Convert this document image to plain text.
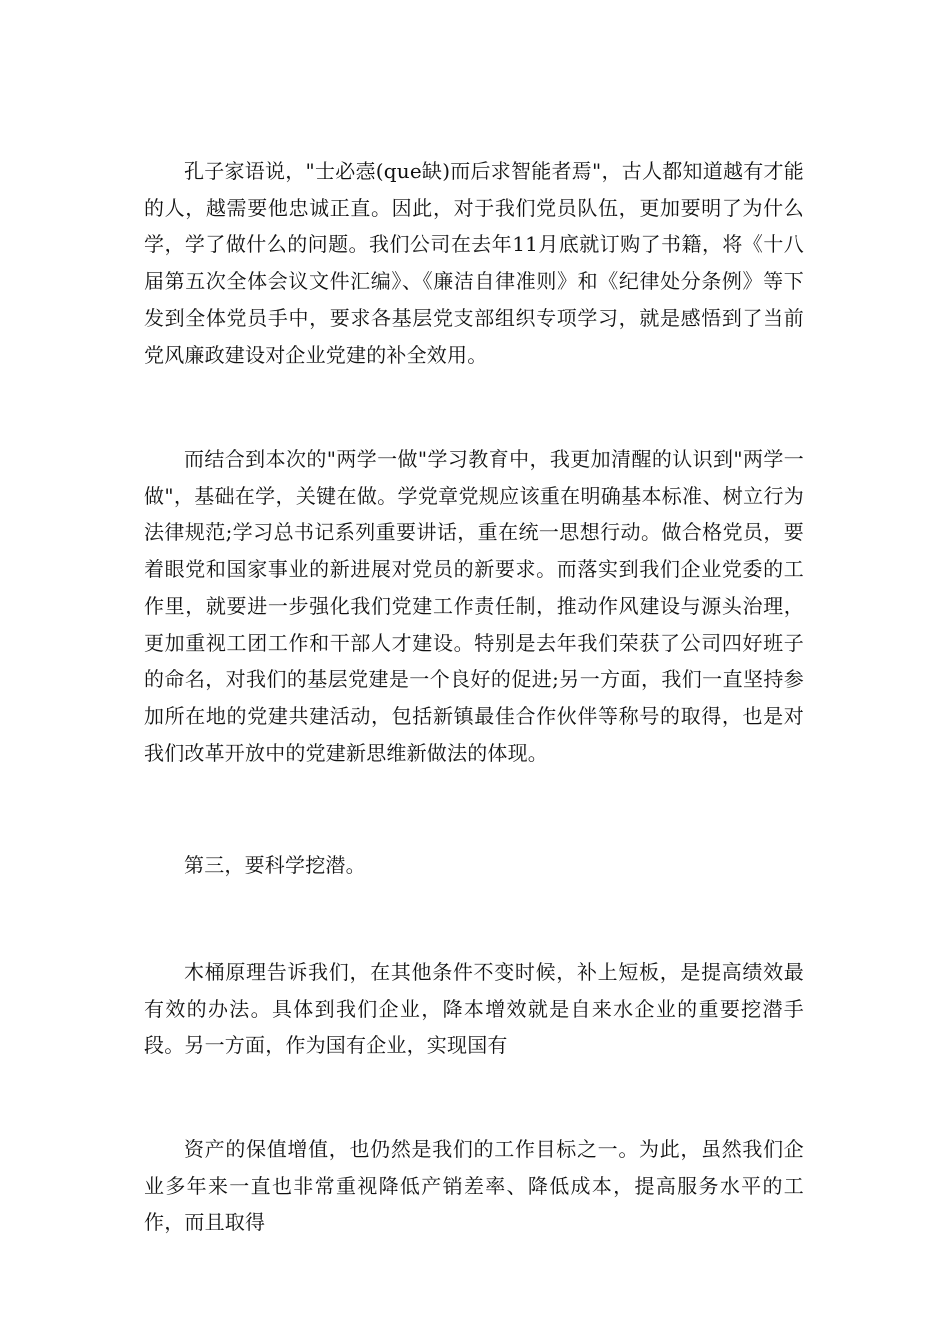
孔子家语说，"士必悫(que缺)而后求智能者焉"，古人都知道越有才能的人，越需要他忠诚正直。因此，对于我们党员队伍，更加要明了为什么学，学了做什么的问题。我们公司在去年11月底就订购了书籍，将《十八届第五次全体会议文件汇编》、《廉洁自律准则》和《纪律处分条例》等下发到全体党员手中，要求各基层党支部组织专项学习，就是感悟到了当前党风廉政建设对企业党建的补全效用。

而结合到本次的"两学一做"学习教育中，我更加清醒的认识到"两学一做"，基础在学，关键在做。学党章党规应该重在明确基本标准、树立行为法律规范;学习总书记系列重要讲话，重在统一思想行动。做合格党员，要着眼党和国家事业的新进展对党员的新要求。而落实到我们企业党委的工作里，就要进一步强化我们党建工作责任制，推动作风建设与源头治理，更加重视工团工作和干部人才建设。特别是去年我们荣获了公司四好班子的命名，对我们的基层党建是一个良好的促进;另一方面，我们一直坚持参加所在地的党建共建活动，包括新镇最佳合作伙伴等称号的取得，也是对我们改革开放中的党建新思维新做法的体现。

第三，要科学挖潜。

木桶原理告诉我们，在其他条件不变时候，补上短板，是提高绩效最有效的办法。具体到我们企业，降本增效就是自来水企业的重要挖潜手段。另一方面，作为国有企业，实现国有

资产的保值增值，也仍然是我们的工作目标之一。为此，虽然我们企业多年来一直也非常重视降低产销差率、降低成本，提高服务水平的工作，而且取得
